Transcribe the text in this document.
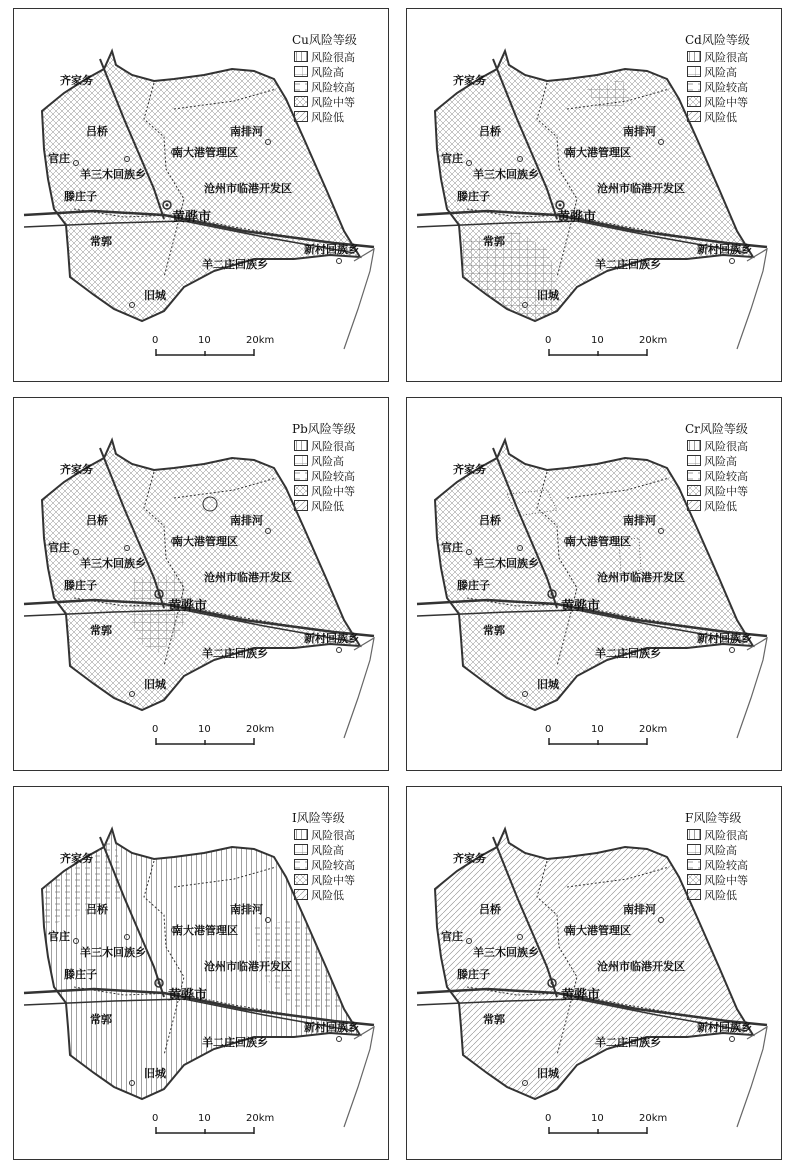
Cu风险等级
风险很高
风险高
风险较高
风险中等
风险低
齐家务
吕桥
官庄
羊三木回族乡
滕庄子
常郭
旧城
南大港管理区
沧州市临港开发区
黄骅市
南排河
新村回族乡
羊二庄回族乡
0	10	20km
Cd风险等级
风险很高
风险高
风险较高
风险中等
风险低
齐家务
吕桥
官庄
羊三木回族乡
滕庄子
常郭
旧城
南大港管理区
沧州市临港开发区
黄骅市
南排河
新村回族乡
羊二庄回族乡
0	10	20km
Pb风险等级
风险很高
风险高
风险较高
风险中等
风险低
齐家务
吕桥
官庄
羊三木回族乡
滕庄子
常郭
旧城
南大港管理区
沧州市临港开发区
黄骅市
南排河
新村回族乡
羊二庄回族乡
0	10	20km
Cr风险等级
风险很高
风险高
风险较高
风险中等
风险低
齐家务
吕桥
官庄
羊三木回族乡
滕庄子
常郭
旧城
南大港管理区
沧州市临港开发区
黄骅市
南排河
新村回族乡
羊二庄回族乡
0	10	20km
I风险等级
风险很高
风险高
风险较高
风险中等
风险低
齐家务
吕桥
官庄
羊三木回族乡
滕庄子
常郭
旧城
南大港管理区
沧州市临港开发区
黄骅市
南排河
新村回族乡
羊二庄回族乡
0	10	20km
F风险等级
风险很高
风险高
风险较高
风险中等
风险低
齐家务
吕桥
官庄
羊三木回族乡
滕庄子
常郭
旧城
南大港管理区
沧州市临港开发区
黄骅市
南排河
新村回族乡
羊二庄回族乡
0	10	20km
